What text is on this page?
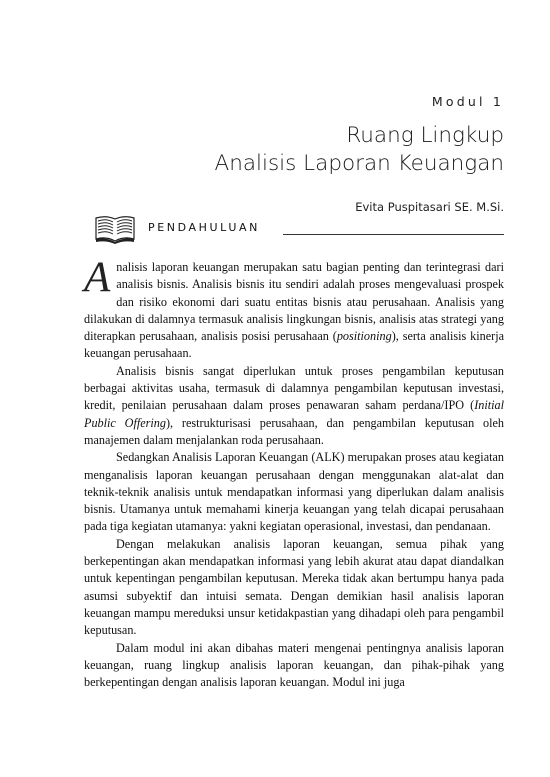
Modul 1
Ruang Lingkup
Analisis Laporan Keuangan
Evita Puspitasari SE. M.Si.
PENDAHULUAN

Analisis laporan keuangan merupakan satu bagian penting dan terintegrasi dari analisis bisnis. Analisis bisnis itu sendiri adalah proses mengevaluasi prospek dan risiko ekonomi dari suatu entitas bisnis atau perusahaan. Analisis yang dilakukan di dalamnya termasuk analisis lingkungan bisnis, analisis atas strategi yang diterapkan perusahaan, analisis posisi perusahaan (positioning), serta analisis kinerja keuangan perusahaan.

Analisis bisnis sangat diperlukan untuk proses pengambilan keputusan berbagai aktivitas usaha, termasuk di dalamnya pengambilan keputusan investasi, kredit, penilaian perusahaan dalam proses penawaran saham perdana/IPO (Initial Public Offering), restrukturisasi perusahaan, dan pengambilan keputusan oleh manajemen dalam menjalankan roda perusahaan.

Sedangkan Analisis Laporan Keuangan (ALK) merupakan proses atau kegiatan menganalisis laporan keuangan perusahaan dengan menggunakan alat-alat dan teknik-teknik analisis untuk mendapatkan informasi yang diperlukan dalam analisis bisnis. Utamanya untuk memahami kinerja keuangan yang telah dicapai perusahaan pada tiga kegiatan utamanya: yakni kegiatan operasional, investasi, dan pendanaan.

Dengan melakukan analisis laporan keuangan, semua pihak yang berkepentingan akan mendapatkan informasi yang lebih akurat atau dapat diandalkan untuk kepentingan pengambilan keputusan. Mereka tidak akan bertumpu hanya pada asumsi subyektif dan intuisi semata. Dengan demikian hasil analisis laporan keuangan mampu mereduksi unsur ketidakpastian yang dihadapi oleh para pengambil keputusan.

Dalam modul ini akan dibahas materi mengenai pentingnya analisis laporan keuangan, ruang lingkup analisis laporan keuangan, dan pihak-pihak yang berkepentingan dengan analisis laporan keuangan. Modul ini juga
